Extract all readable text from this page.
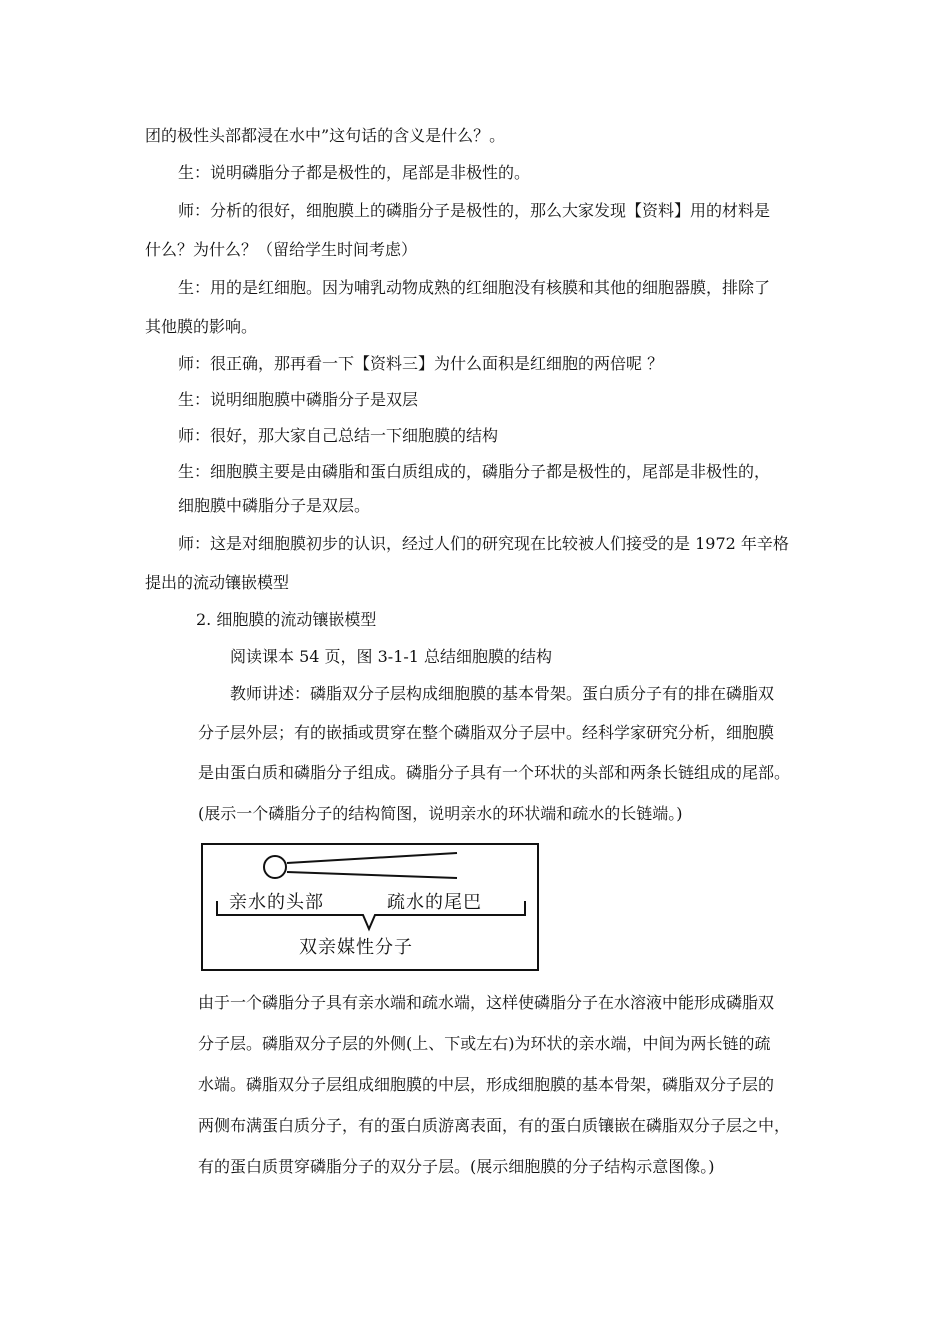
团的极性头部都浸在水中”这句话的含义是什么？。
生：说明磷脂分子都是极性的，尾部是非极性的。
师：分析的很好，细胞膜上的磷脂分子是极性的，那么大家发现【资料】用的材料是
什么？为什么？（留给学生时间考虑）
生：用的是红细胞。因为哺乳动物成熟的红细胞没有核膜和其他的细胞器膜，排除了
其他膜的影响。
师：很正确，那再看一下【资料三】为什么面积是红细胞的两倍呢 ？
生：说明细胞膜中磷脂分子是双层
师：很好，那大家自己总结一下细胞膜的结构
生：细胞膜主要是由磷脂和蛋白质组成的，磷脂分子都是极性的，尾部是非极性的，
细胞膜中磷脂分子是双层。
师：这是对细胞膜初步的认识，经过人们的研究现在比较被人们接受的是 1972 年辛格
提出的流动镶嵌模型
2. 细胞膜的流动镶嵌模型
阅读课本 54 页，图 3-1-1 总结细胞膜的结构
教师讲述：磷脂双分子层构成细胞膜的基本骨架。蛋白质分子有的排在磷脂双
分子层外层；有的嵌插或贯穿在整个磷脂双分子层中。经科学家研究分析，细胞膜
是由蛋白质和磷脂分子组成。磷脂分子具有一个环状的头部和两条长链组成的尾部。
(展示一个磷脂分子的结构简图，说明亲水的环状端和疏水的长链端。)
亲水的头部	疏水的尾巴
双亲媒性分子
由于一个磷脂分子具有亲水端和疏水端，这样使磷脂分子在水溶液中能形成磷脂双
分子层。磷脂双分子层的外侧(上、下或左右)为环状的亲水端，中间为两长链的疏
水端。磷脂双分子层组成细胞膜的中层，形成细胞膜的基本骨架，磷脂双分子层的
两侧布满蛋白质分子，有的蛋白质游离表面，有的蛋白质镶嵌在磷脂双分子层之中，
有的蛋白质贯穿磷脂分子的双分子层。(展示细胞膜的分子结构示意图像。)
